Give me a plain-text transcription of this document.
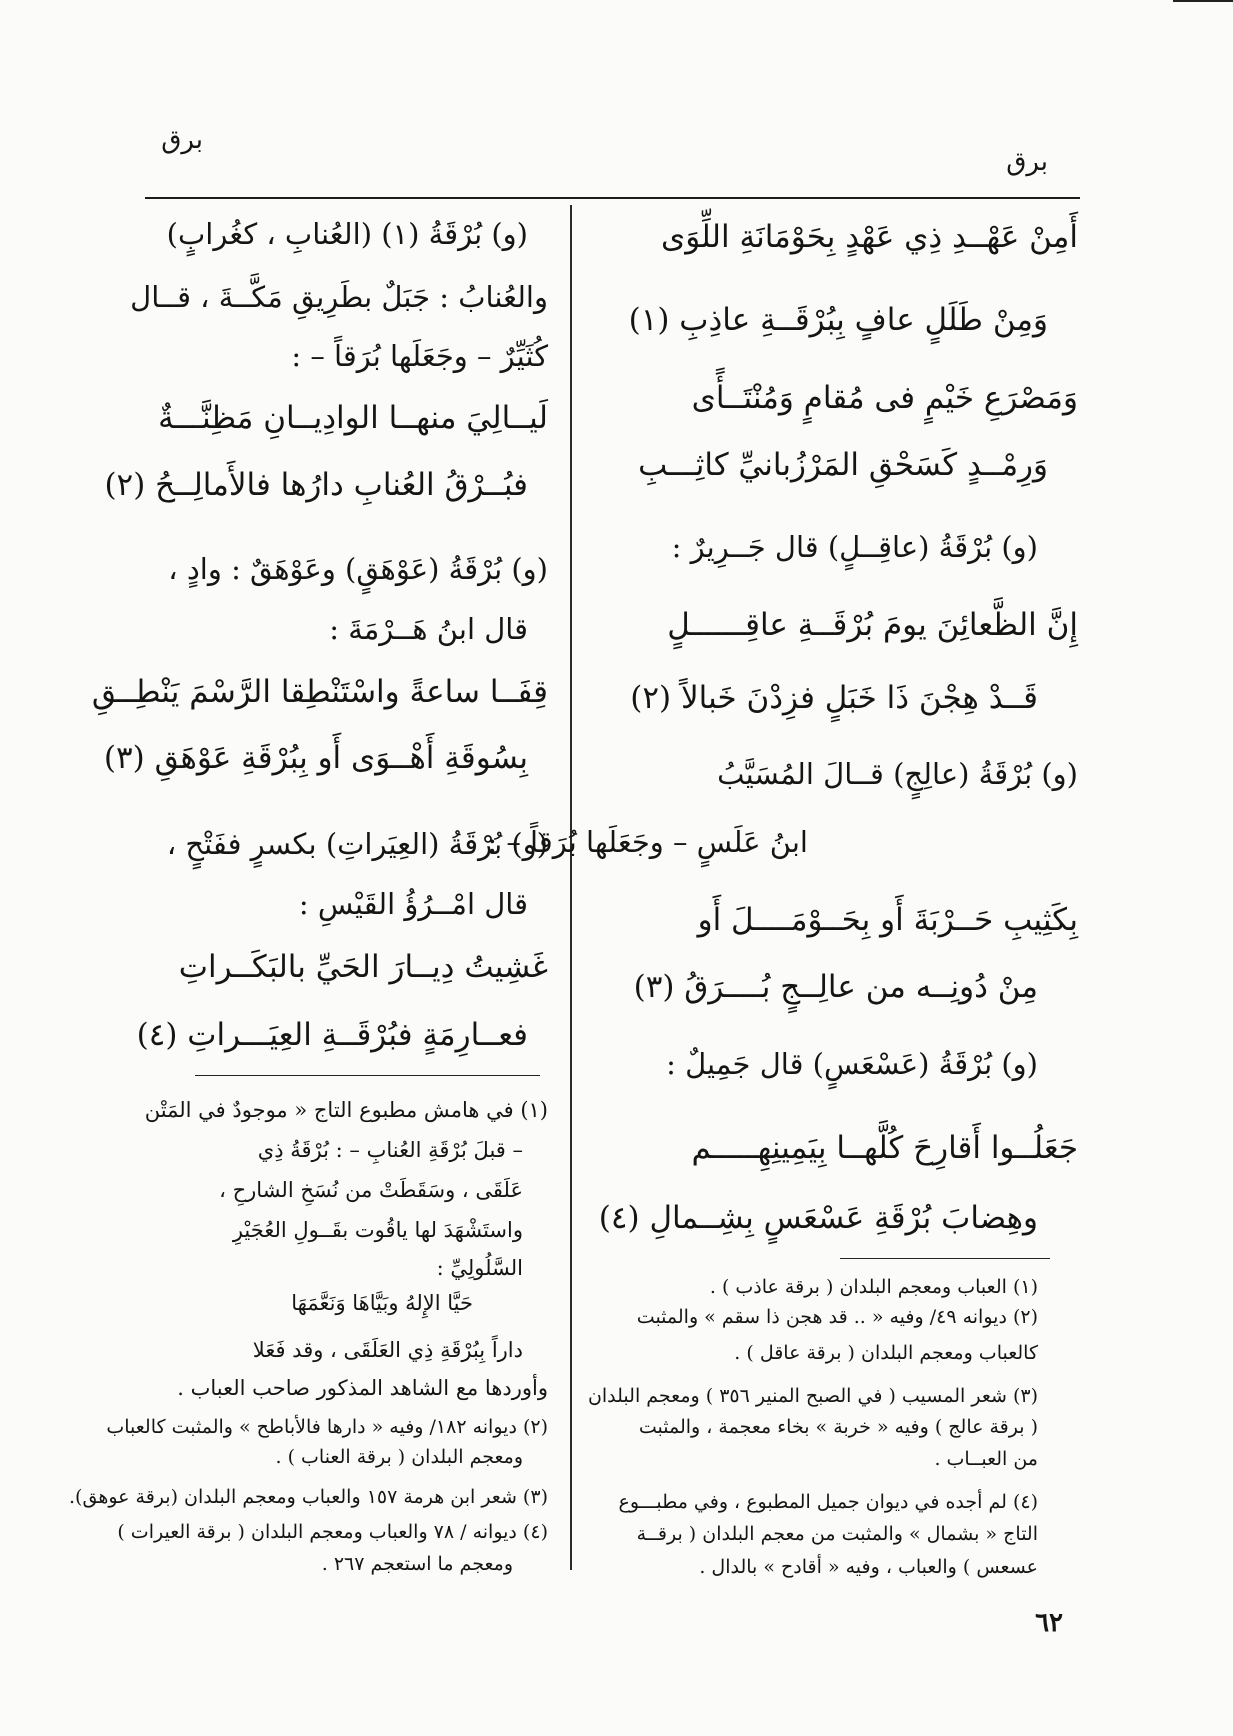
برق
برق
أَمِنْ عَهْــدِ ذِي عَهْدٍ بِحَوْمَانَةِ اللِّوَى
وَمِنْ طَلَلٍ عافٍ بِبُرْقَــةِ عاذِبِ (١)
وَمَصْرَعِ خَيْمٍ فى مُقامٍ وَمُنْتَــأًى
وَرِمْــدٍ كَسَحْقِ المَرْزُبانيِّ كاثِـــبِ
(و) بُرْقَةُ (عاقِــلٍ) قال جَــرِيرٌ :
إِنَّ الظَّعائِنَ يومَ بُرْقَــةِ عاقِــــــلٍ
قَــدْ هِجْنَ ذَا خَبَلٍ فزِدْنَ خَبالاً (٢)
(و) بُرْقَةُ (عالِجٍ) قــالَ المُسَيَّبُ
ابنُ عَلَسٍ – وجَعَلَها بُرَقاً – :
بِكَثِيبِ حَــرْبَةَ أَو بِحَــوْمَــــلَ أَو
مِنْ دُونِــه من عالِــجٍ بُــــرَقُ (٣)
(و) بُرْقَةُ (عَسْعَسٍ) قال جَمِيلٌ :
جَعَلُــوا أَقارِحَ كُلَّهــا بِيَمِينِهِـــــم
وهِضابَ بُرْقَةِ عَسْعَسٍ بِشِــمالِ (٤)
(١) العباب ومعجم البلدان ( برقة عاذب ) .
(٢) ديوانه ٤٩/ وفيه « .. قد هجن ذا سقم » والمثبت
كالعباب ومعجم البلدان ( برقة عاقل ) .
(٣) شعر المسيب ( في الصبح المنير ٣٥٦ ) ومعجم البلدان
( برقة عالج ) وفيه « خربة » بخاء معجمة ، والمثبت
من العبــاب .
(٤) لم أجده في ديوان جميل المطبوع ، وفي مطبـــوع
التاج « بشمال » والمثبت من معجم البلدان ( برقــة
عسعس ) والعباب ، وفيه « أقادح » بالدال .
(و) بُرْقَةُ (١) (العُنابِ ، كغُرابٍ)
والعُنابُ : جَبَلٌ بطَرِيقِ مَكَّــةَ ، قــال
كُثَيِّرٌ – وجَعَلَها بُرَقاً – :
لَيــالِيَ منهــا الوادِيــانِ مَظِنَّـــةٌ
فبُــرْقُ العُنابِ دارُها فالأَمالِــحُ (٢)
(و) بُرْقَةُ (عَوْهَقٍ) وعَوْهَقٌ : وادٍ ،
قال ابنُ هَــرْمَةَ :
قِفَــا ساعةً واسْتَنْطِقا الرَّسْمَ يَنْطِــقِ
بِسُوقَةِ أَهْــوَى أَو بِبُرْقَةِ عَوْهَقِ (٣)
(و) بُرْقَةُ (العِيَراتِ) بكسرٍ ففَتْحٍ ،
قال امْــرُؤُ القَيْسِ :
غَشِيتُ دِيــارَ الحَيِّ بالبَكَــراتِ
فعــارِمَةٍ فبُرْقَــةِ العِيَـــراتِ (٤)
(١) في هامش مطبوع التاج « موجودٌ في المَتْن
– قبلَ بُرْقَةِ العُنابِ – : بُرْقَةُ ذِي
عَلَقَى ، وسَقَطَتْ من نُسَخِ الشارحِ ،
واستَشْهَدَ لها ياقُوت بقَــولِ العُجَيْرِ
السَّلُولِيِّ :
حَيَّا الإِلهُ وبَيَّاهَا وَنَعَّمَهَا
داراً بِبُرْقَةِ ذِي العَلَقَى ، وقد فَعَلا
وأوردها مع الشاهد المذكور صاحب العباب .
(٢) ديوانه ١٨٢/ وفيه « دارها فالأباطح » والمثبت كالعباب
ومعجم البلدان ( برقة العناب ) .
(٣) شعر ابن هرمة ١٥٧ والعباب ومعجم البلدان (برقة عوهق).
(٤) ديوانه / ٧٨ والعباب ومعجم البلدان ( برقة العيرات )
ومعجم ما استعجم ٢٦٧ .
٦٢
